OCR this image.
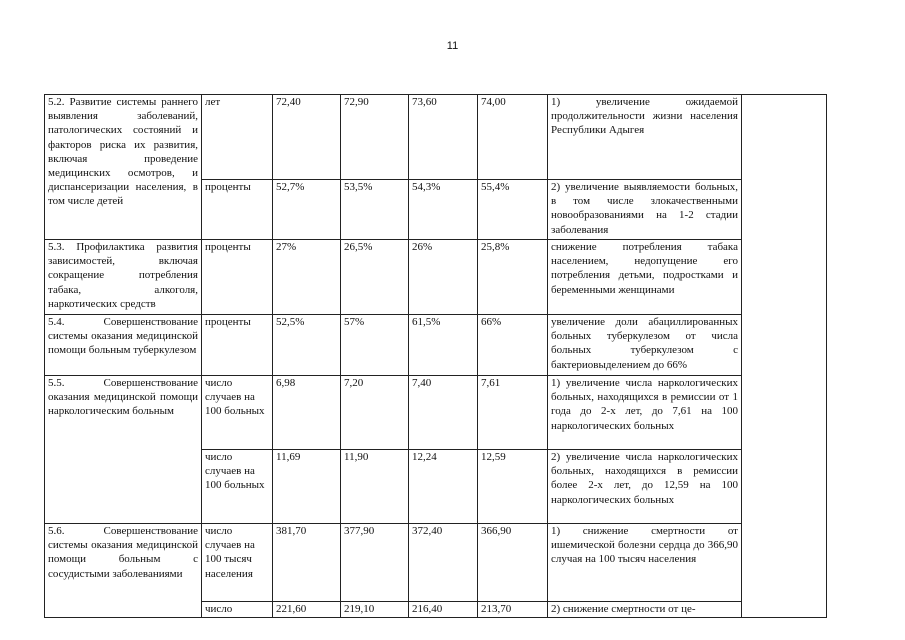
11
5.2. Развитие системы раннего выявления заболеваний, патологических состояний и факторов риска их развития, включая проведение медицинских осмотров, и диспансеризации населения, в том числе детей	лет	72,40	72,90	73,60	74,00	1) увеличение ожидаемой продолжительности жизни населения Республики Адыгея	
	проценты	52,7%	53,5%	54,3%	55,4%	2) увеличение выявляемости больных, в том числе злокачественными новообразованиями на 1-2 стадии заболевания	
5.3. Профилактика развития зависимостей, включая сокращение потребления табака, алкоголя, наркотических средств	проценты	27%	26,5%	26%	25,8%	снижение потребления табака населением, недопущение его потребления детьми, подростками и беременными женщинами	
5.4. Совершенствование системы оказания медицинской помощи больным туберкулезом	проценты	52,5%	57%	61,5%	66%	увеличение доли абациллированных больных туберкулезом от числа больных туберкулезом с бактериовыделением до 66%	
5.5. Совершенствование оказания медицинской помощи наркологическим больным	число случаев на 100 больных	6,98	7,20	7,40	7,61	1) увеличение числа наркологических больных, находящихся в ремиссии от 1 года до 2-х лет, до 7,61 на 100 наркологических больных	
	число случаев на 100 больных	11,69	11,90	12,24	12,59	2) увеличение числа наркологических больных, находящихся в ремиссии более 2-х лет, до 12,59 на 100 наркологических больных	
5.6. Совершенствование системы оказания медицинской помощи больным с сосудистыми заболеваниями	число случаев на 100 тысяч населения	381,70	377,90	372,40	366,90	1) снижение смертности от ишемической болезни сердца до 366,90 случая на 100 тысяч населения	
	число	221,60	219,10	216,40	213,70	2) снижение смертности от це-	
